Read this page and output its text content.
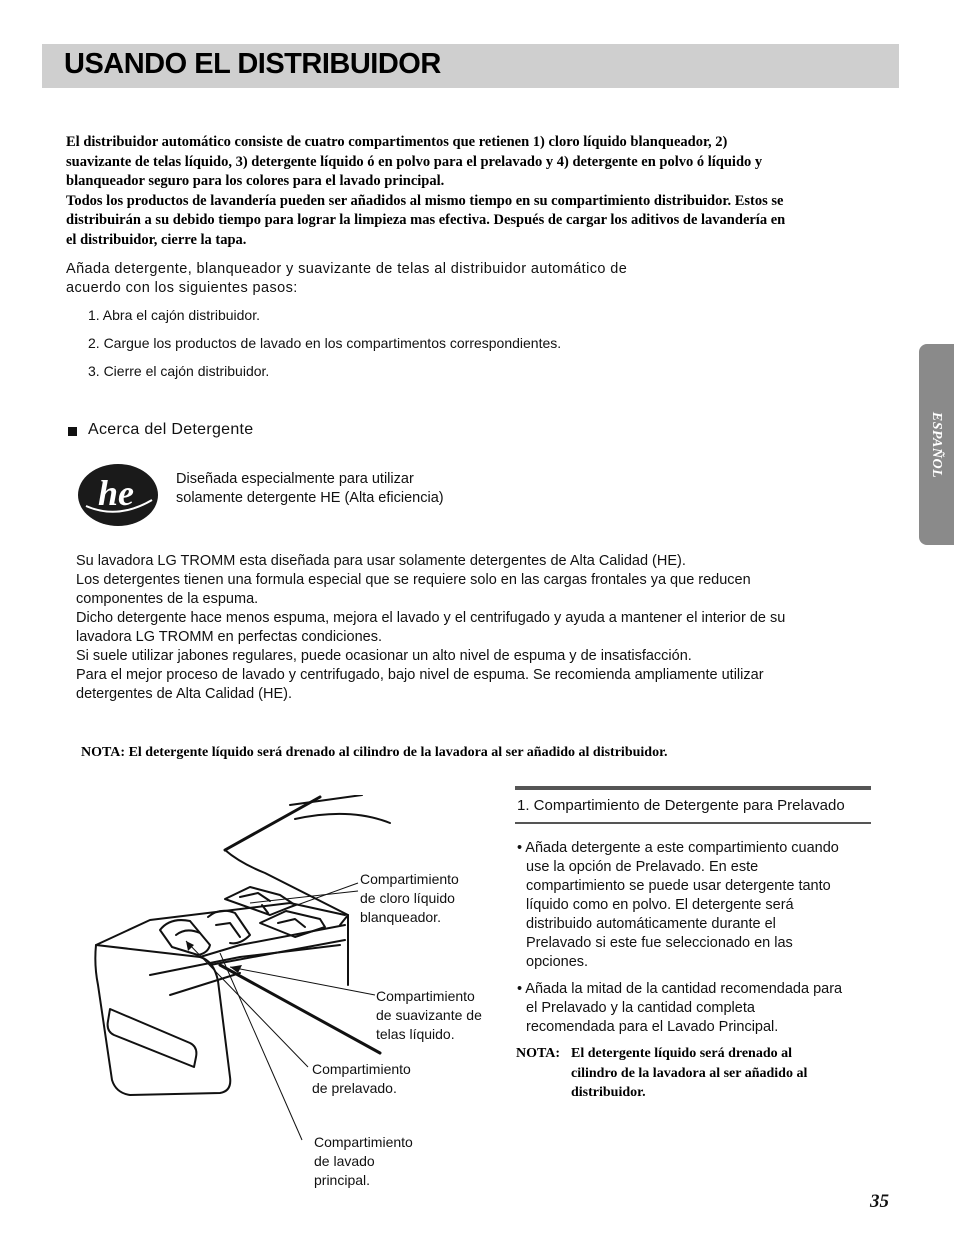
USANDO EL DISTRIBUIDOR
ESPAÑOL
El distribuidor automático consiste de cuatro compartimentos que retienen 1) cloro líquido blanqueador, 2)
suavizante de telas líquido, 3) detergente líquido ó en polvo para el prelavado y 4) detergente en polvo ó líquido y
blanqueador seguro para los colores para el lavado principal.
Todos los productos de lavandería pueden ser añadidos al mismo tiempo en su compartimiento distribuidor. Estos se
distribuirán a su debido tiempo para lograr la limpieza mas efectiva. Después de cargar los aditivos de lavandería en
el distribuidor, cierre la tapa.
Añada detergente, blanqueador y suavizante de telas al distribuidor automático de
acuerdo con los siguientes pasos:
1. Abra el cajón distribuidor.
2. Cargue los productos de lavado en los compartimentos correspondientes.
3. Cierre el cajón distribuidor.
Acerca del Detergente
he	Diseñada especialmente para utilizar
solamente detergente HE (Alta eficiencia)

Su lavadora LG TROMM esta diseñada para usar solamente detergentes de Alta Calidad (HE).

Los detergentes tienen una formula especial que se requiere solo en las cargas frontales ya que reducen

componentes de la espuma.

Dicho detergente hace menos espuma, mejora el lavado y el centrifugado y ayuda a mantener el interior de su

lavadora LG TROMM en perfectas condiciones.

Si suele utilizar jabones regulares, puede ocasionar un alto nivel de espuma y de insatisfacción.

Para el mejor proceso de lavado y centrifugado, bajo nivel de espuma. Se recomienda ampliamente utilizar

detergentes de Alta Calidad (HE).

NOTA: El detergente líquido será drenado al cilindro de la lavadora al ser añadido al distribuidor.
Compartimiento
de cloro líquido
blanqueador.
Compartimiento
de suavizante de
telas líquido.
Compartimiento
de prelavado.
Compartimiento
de lavado
principal.
1. Compartimiento de Detergente para Prelavado
• Añada detergente a este compartimiento cuando
use la opción de Prelavado. En este
compartimiento se puede usar detergente tanto
líquido como en polvo. El detergente será
distribuido automáticamente durante el
Prelavado si este fue seleccionado en las
opciones.
• Añada la mitad de la cantidad recomendada para
el Prelavado y la cantidad completa
recomendada para el Lavado Principal.
NOTA: El detergente líquido será drenado al
cilindro de la lavadora al ser añadido al
distribuidor.
35
